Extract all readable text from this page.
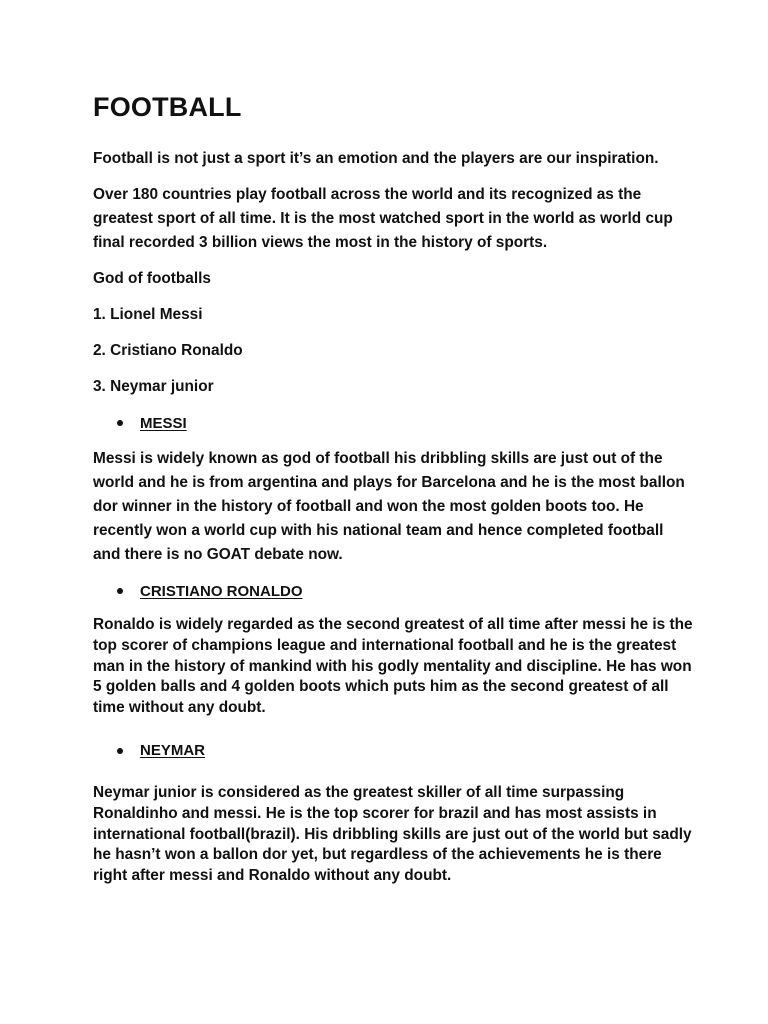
FOOTBALL

Football is not just a sport it’s an emotion and the players are our inspiration.

Over 180 countries play football across the world and its recognized as the greatest sport of all time. It is the most watched sport in the world as world cup final recorded 3 billion views the most in the history of sports.

God of footballs

1. Lionel Messi

2. Cristiano Ronaldo

3. Neymar junior

MESSI

Messi is widely known as god of football his dribbling skills are just out of the world and he is from argentina and plays for Barcelona and he is the most ballon dor winner in the history of football and won the most golden boots too. He recently won a world cup with his national team and hence completed football and there is no GOAT debate now.

CRISTIANO RONALDO

Ronaldo is widely regarded as the second greatest of all time after messi he is the top scorer of champions league and international football and he is the greatest man in the history of mankind with his godly mentality and discipline. He has won 5 golden balls and 4 golden boots which puts him as the second greatest of all time without any doubt.

NEYMAR

Neymar junior is considered as the greatest skiller of all time surpassing Ronaldinho and messi. He is the top scorer for brazil and has most assists in international football(brazil). His dribbling skills are just out of the world but sadly he hasn’t won a ballon dor yet, but regardless of the achievements he is there right after messi and Ronaldo without any doubt.
